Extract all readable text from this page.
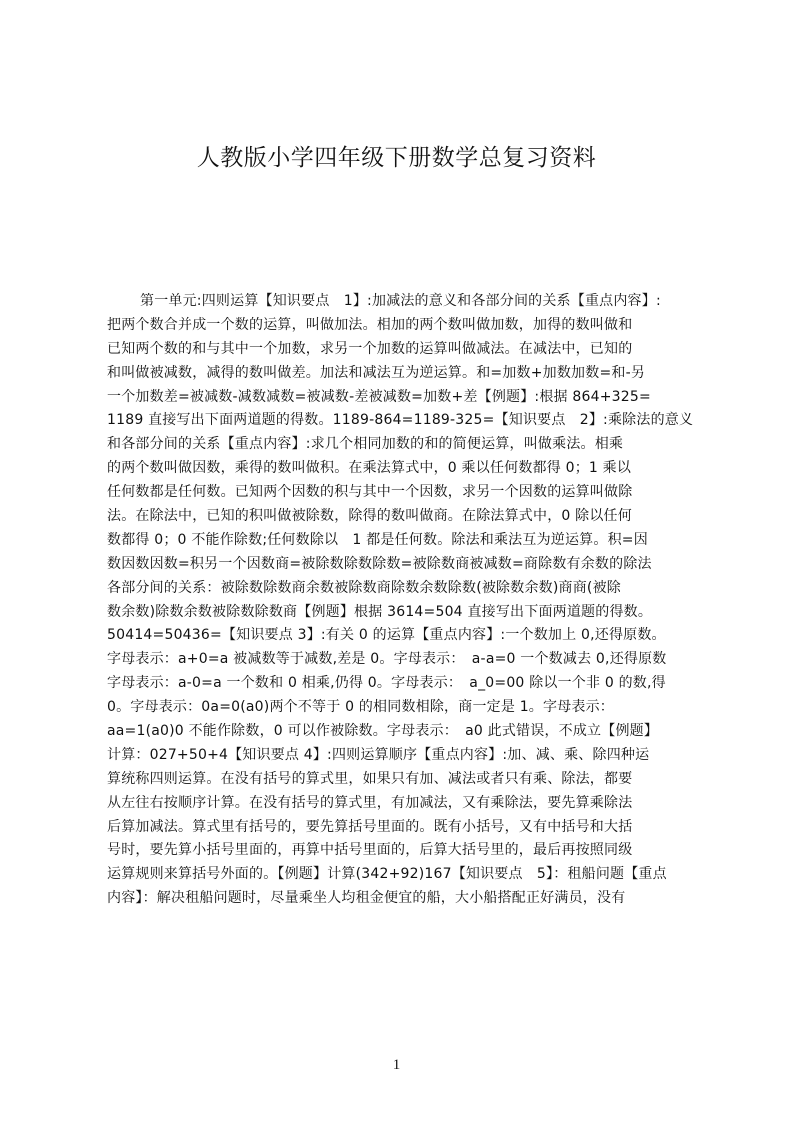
人教版小学四年级下册数学总复习资料
第一单元:四则运算【知识要点　1】:加减法的意义和各部分间的关系【重点内容】:
把两个数合并成一个数的运算，叫做加法。相加的两个数叫做加数，加得的数叫做和
已知两个数的和与其中一个加数，求另一个加数的运算叫做减法。在减法中，已知的
和叫做被减数，减得的数叫做差。加法和减法互为逆运算。和=加数+加数加数=和-另
一个加数差=被减数-减数减数=被减数-差被减数=加数+差【例题】:根据 864+325=
1189 直接写出下面两道题的得数。1189-864=1189-325=【知识要点　2】:乘除法的意义
和各部分间的关系【重点内容】:求几个相同加数的和的简便运算，叫做乘法。相乘
的两个数叫做因数，乘得的数叫做积。在乘法算式中，0 乘以任何数都得 0；1 乘以
任何数都是任何数。已知两个因数的积与其中一个因数，求另一个因数的运算叫做除
法。在除法中，已知的积叫做被除数，除得的数叫做商。在除法算式中，0 除以任何
数都得 0；0 不能作除数;任何数除以　1 都是任何数。除法和乘法互为逆运算。积=因
数因数因数=积另一个因数商=被除数除数除数=被除数商被减数=商除数有余数的除法
各部分间的关系：被除数除数商余数被除数商除数余数除数(被除数余数)商商(被除
数余数)除数余数被除数除数商【例题】根据 3614=504 直接写出下面两道题的得数。
50414=50436=【知识要点 3】:有关 0 的运算【重点内容】:一个数加上 0,还得原数。
字母表示：a+0=a 被减数等于减数,差是 0。字母表示：　a-a=0 一个数减去 0,还得原数
字母表示：a-0=a 一个数和 0 相乘,仍得 0。字母表示：　a_0=00 除以一个非 0 的数,得
0。字母表示：0a=0(a0)两个不等于 0 的相同数相除，商一定是 1。字母表示：
aa=1(a0)0 不能作除数，0 可以作被除数。字母表示：　a0 此式错误，不成立【例题】
计算：027+50+4【知识要点 4】:四则运算顺序【重点内容】:加、减、乘、除四种运
算统称四则运算。在没有括号的算式里，如果只有加、减法或者只有乘、除法，都要
从左往右按顺序计算。在没有括号的算式里，有加减法，又有乘除法，要先算乘除法
后算加减法。算式里有括号的，要先算括号里面的。既有小括号，又有中括号和大括
号时，要先算小括号里面的，再算中括号里面的，后算大括号里的，最后再按照同级
运算规则来算括号外面的。【例题】计算(342+92)167【知识要点　5】：租船问题【重点
内容】：解决租船问题时，尽量乘坐人均租金便宜的船，大小船搭配正好满员，没有
1
